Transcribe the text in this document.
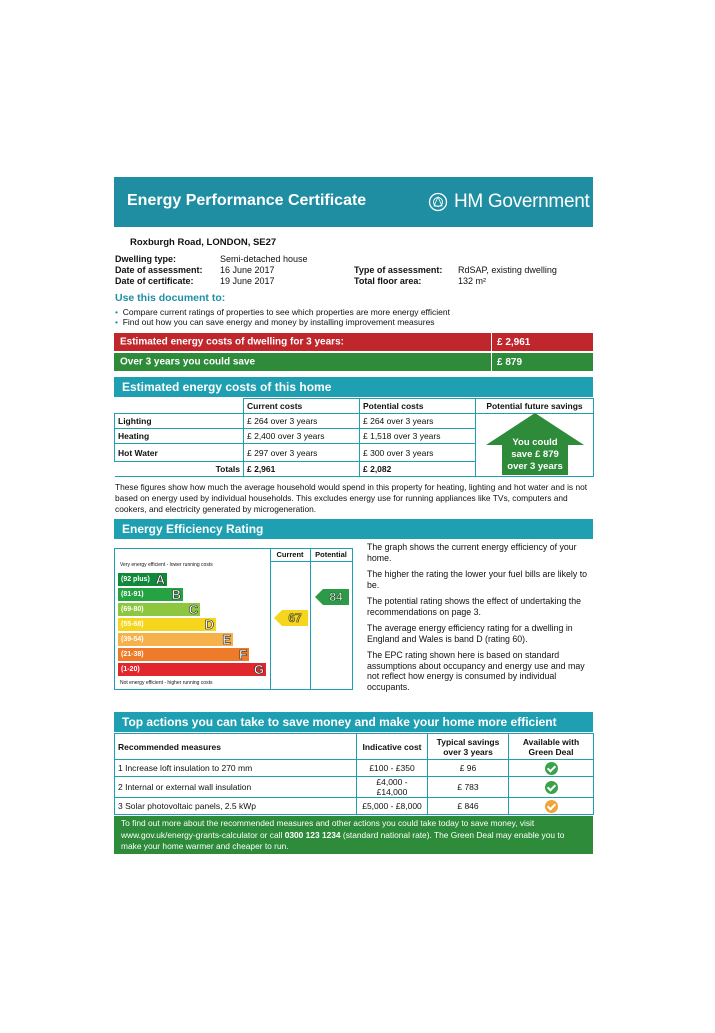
Energy Performance Certificate	HM Government
Roxburgh Road, LONDON, SE27
Dwelling type:	Semi-detached house
Date of assessment:	16 June 2017
Date of certificate:	19 June 2017
Type of assessment:	RdSAP, existing dwelling
Total floor area:	132 m²
Use this document to:
• Compare current ratings of properties to see which properties are more energy efficient
• Find out how you can save energy and money by installing improvement measures
Estimated energy costs of dwelling for 3 years:	£ 2,961
Over 3 years you could save	£ 879
Estimated energy costs of this home
	Current costs	Potential costs	Potential future savings
Lighting	£ 264 over 3 years	£ 264 over 3 years	You could
save £ 879
over 3 years

Heating	£ 2,400 over 3 years	£ 1,518 over 3 years	
Hot Water	£ 297 over 3 years	£ 300 over 3 years	
Totals	£ 2,961	£ 2,082	
These figures show how much the average household would spend in this property for heating, lighting and hot water and is not based on energy used by individual households. This excludes energy use for running appliances like TVs, computers and cookers, and electricity generated by microgeneration.
Energy Efficiency Rating
Current	Potential
Very energy efficient - lower running costs
Not energy efficient - higher running costs
(92 plus) A
(81-91) B
(69-80)	C
(55-68)	D
(39-54)	E
(21-38)	F
(1-20)	G
67
84

The graph shows the current energy efficiency of your home.

The higher the rating the lower your fuel bills are likely to be.

The potential rating shows the effect of undertaking the recommendations on page 3.

The average energy efficiency rating for a dwelling in England and Wales is band D (rating 60).

The EPC rating shown here is based on standard assumptions about occupancy and energy use and may not reflect how energy is consumed by individual occupants.

Top actions you can take to save money and make your home more efficient
Recommended measures	Indicative cost	Typical savings over 3 years	Available with Green Deal
1 Increase loft insulation to 270 mm	£100 - £350	£ 96	
2 Internal or external wall insulation	£4,000 - £14,000	£ 783	
3 Solar photovoltaic panels, 2.5 kWp	£5,000 - £8,000	£ 846	
To find out more about the recommended measures and other actions you could take today to save money, visit
www.gov.uk/energy-grants-calculator or call 0300 123 1234 (standard national rate). The Green Deal may enable you to
make your home warmer and cheaper to run.
